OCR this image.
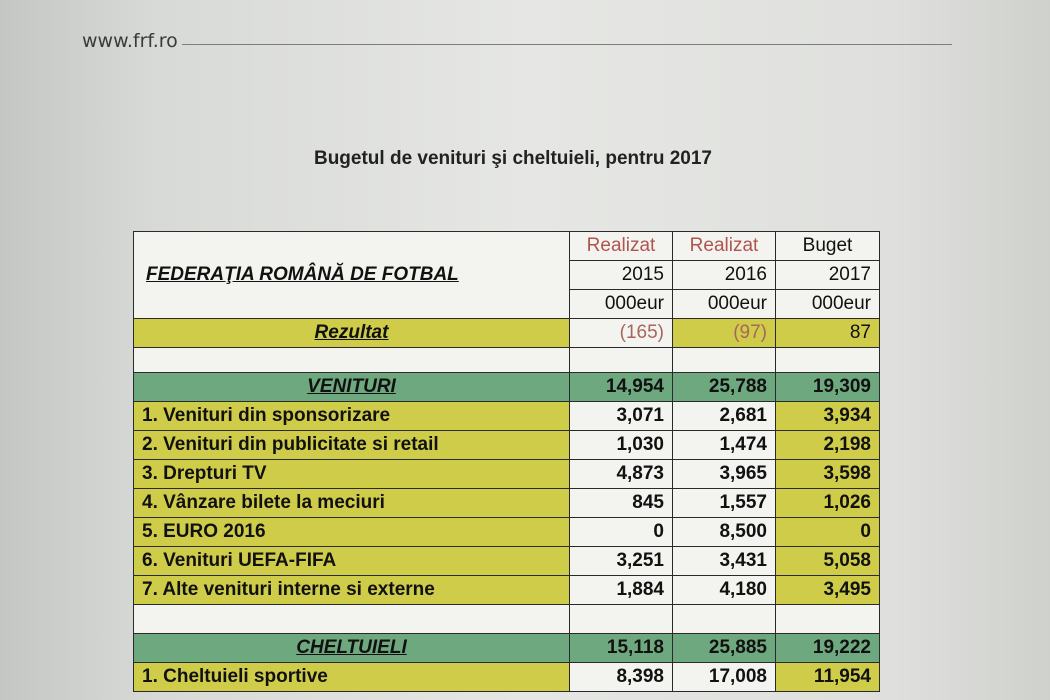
www.frf.ro
Bugetul de venituri şi cheltuieli, pentru 2017
FEDERAŢIA ROMÂNĂ DE FOTBAL	Realizat	Realizat	Buget
	2015	2016	2017
	000eur	000eur	000eur
Rezultat	(165)	(97)	87

VENITURI	14,954	25,788	19,309
1. Venituri din sponsorizare	3,071	2,681	3,934
2. Venituri din publicitate si retail	1,030	1,474	2,198
3. Drepturi TV	4,873	3,965	3,598
4. Vânzare bilete la meciuri	845	1,557	1,026
5. EURO 2016	0	8,500	0
6. Venituri UEFA-FIFA	3,251	3,431	5,058
7. Alte venituri interne si externe	1,884	4,180	3,495

CHELTUIELI	15,118	25,885	19,222
1. Cheltuieli sportive	8,398	17,008	11,954
